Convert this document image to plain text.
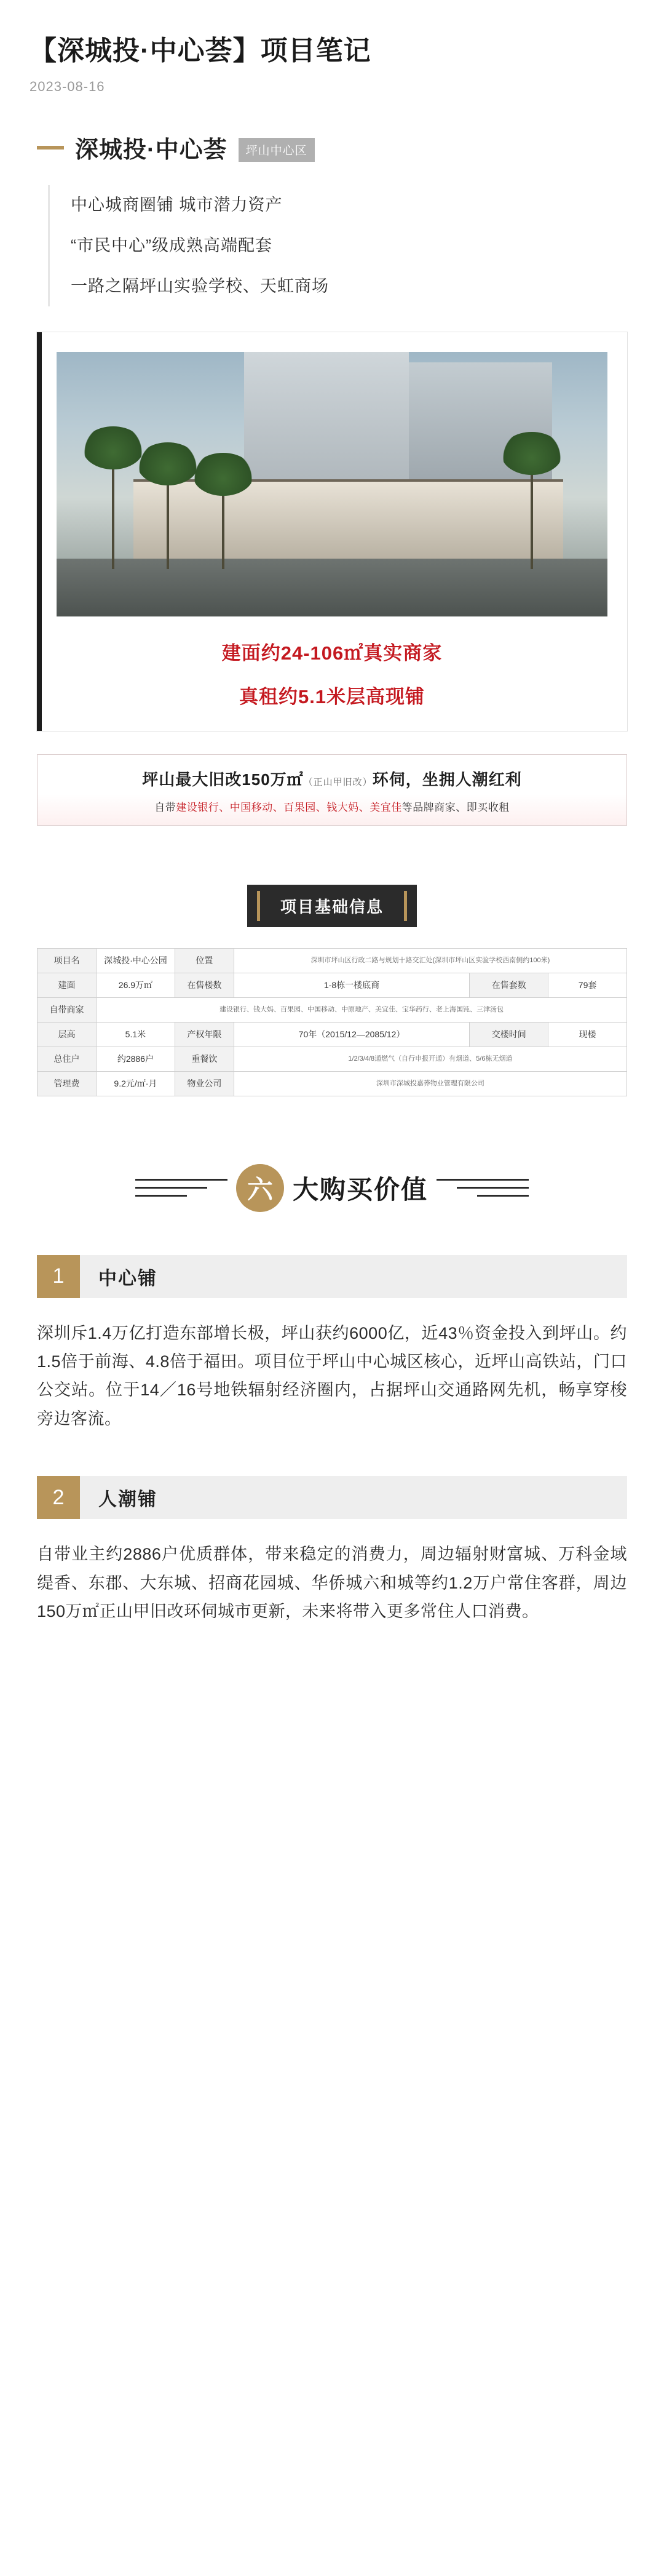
【深城投·中心荟】项目笔记
2023-08-16
深城投·中心荟	坪山中心区
中心城商圈铺 城市潜力资产
“市民中心”级成熟高端配套
一路之隔坪山实验学校、天虹商场
建面约24-106㎡真实商家
真租约5.1米层高现铺
坪山最大旧改150万㎡（正山甲旧改）环伺，坐拥人潮红利
自带建设银行、中国移动、百果园、钱大妈、美宜佳等品牌商家、即买收租
项目基础信息
项目名	深城投·中心公园	位置	深圳市坪山区行政二路与规划十路交汇处(深圳市坪山区实验学校西南侧约100米)		
建面	26.9万㎡	在售楼数	1-8栋一楼底商	在售套数	79套
自带商家	建设银行、钱大妈、百果园、中国移动、中原地产、美宜佳、宝华药行、老上海国饨、三津汤包				
层高	5.1米	产权年限	70年（2015/12—2085/12）	交楼时间	现楼
总住户	约2886户	重餐饮	1/2/3/4/8通燃气（自行申报开通）有烟道、5/6栋无烟道		
管理费	9.2元/㎡·月	物业公司	深圳市深城投嘉荞物业管理有限公司		
六 大购买价值
1	中心铺
深圳斥1.4万亿打造东部增长极，坪山获约6000亿，近43％资金投入到坪山。约1.5倍于前海、4.8倍于福田。项目位于坪山中心城区核心，近坪山高铁站，门口公交站。位于14／16号地铁辐射经济圈内，占据坪山交通路网先机，畅享穿梭旁边客流。
2	人潮铺
自带业主约2886户优质群体，带来稳定的消费力，周边辐射财富城、万科金域缇香、东郡、大东城、招商花园城、华侨城六和城等约1.2万户常住客群，周边150万㎡正山甲旧改环伺城市更新，未来将带入更多常住人口消费。
